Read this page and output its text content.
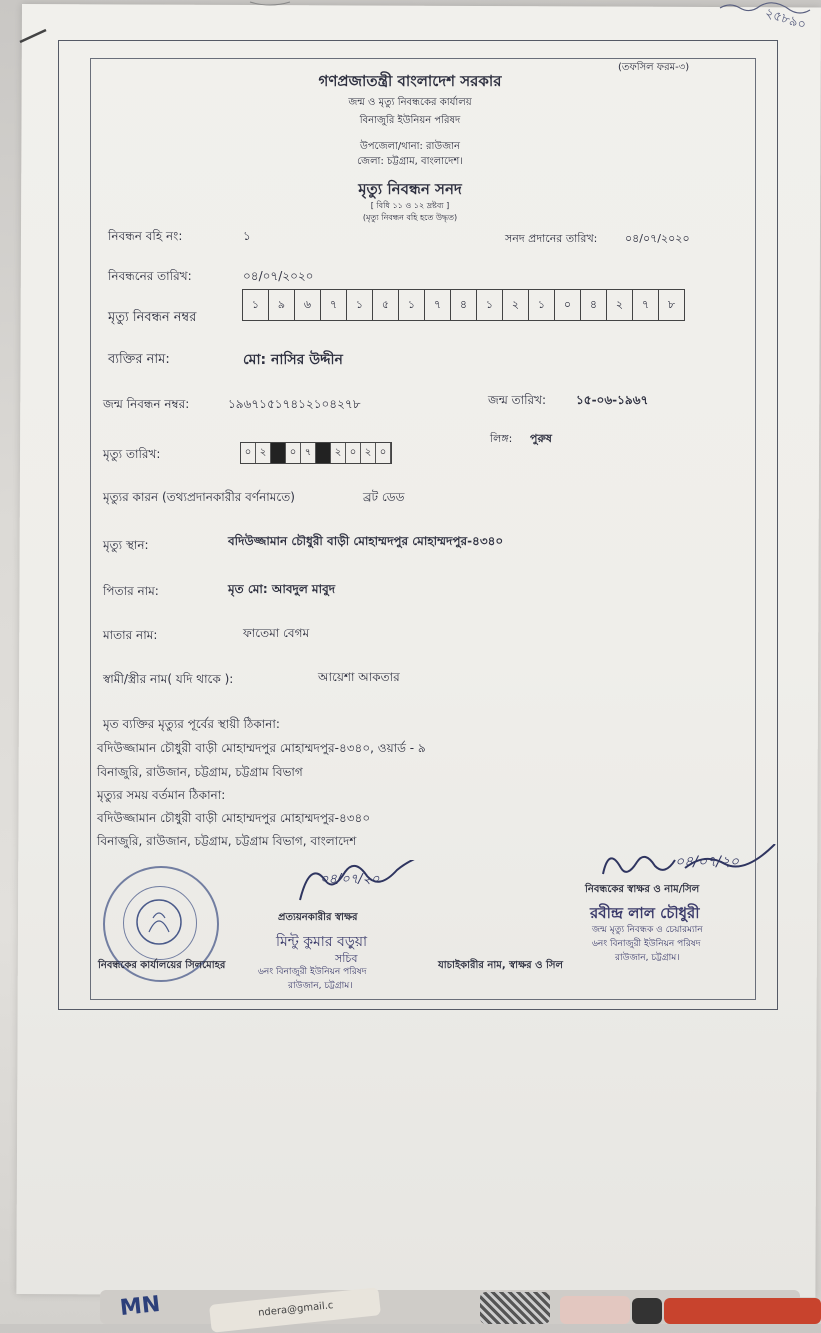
২৫৮৯০
(তফসিল ফরম-৩)
গণপ্রজাতন্ত্রী বাংলাদেশ সরকার
জন্ম ও মৃত্যু নিবন্ধকের কার্যালয়
বিনাজুরি ইউনিয়ন পরিষদ
উপজেলা/থানা: রাউজান
জেলা: চট্টগ্রাম, বাংলাদেশ।
মৃত্যু নিবন্ধন সনদ
[ বিধি ১১ ও ১২ দ্রষ্টব্য ]
(মৃত্যু নিবন্ধন বহি হতে উদ্ধৃত)
নিবন্ধন বহি নং:	১	সনদ প্রদানের তারিখ:	০৪/০৭/২০২০
নিবন্ধনের তারিখ:	০৪/০৭/২০২০
মৃত্যু নিবন্ধন নম্বর
১	৯	৬	৭	১	৫	১	৭	৪	১	২	১	০	৪	২	৭	৮
ব্যক্তির নাম:	মো: নাসির উদ্দীন
জন্ম নিবন্ধন নম্বর:	১৯৬৭১৫১৭৪১২১০৪২৭৮	জন্ম তারিখ: ১৫-০৬-১৯৬৭
লিঙ্গ: পুরুষ
মৃত্যু তারিখ:	০ ২	০ ৭	২ ০ ২ ০
মৃত্যুর কারন (তথ্যপ্রদানকারীর বর্ণনামতে)	ব্রট ডেড
মৃত্যু স্থান:	বদিউজ্জামান চৌধুরী বাড়ী মোহাম্মদপুর মোহাম্মদপুর-৪৩৪০
পিতার নাম:	মৃত মো: আবদুল মাবুদ
মাতার নাম:	ফাতেমা বেগম
স্বামী/স্ত্রীর নাম( যদি থাকে ):	আয়েশা আকতার
মৃত ব্যক্তির মৃত্যুর পূর্বের স্থায়ী ঠিকানা:
বদিউজ্জামান চৌধুরী বাড়ী মোহাম্মদপুর মোহাম্মদপুর-৪৩৪০, ওয়ার্ড - ৯
বিনাজুরি, রাউজান, চট্টগ্রাম, চট্টগ্রাম বিভাগ
মৃত্যুর সময় বর্তমান ঠিকানা:
বদিউজ্জামান চৌধুরী বাড়ী মোহাম্মদপুর মোহাম্মদপুর-৪৩৪০
বিনাজুরি, রাউজান, চট্টগ্রাম, চট্টগ্রাম বিভাগ, বাংলাদেশ
নিবন্ধকের কার্যালয়ের সিলমোহর
০৪/০৭/২০
প্রত্যয়নকারীর স্বাক্ষর
মিন্টু কুমার বড়ুয়া
সচিব
৬নং বিনাজুরী ইউনিয়ন পরিষদ
রাউজান, চট্টগ্রাম।
যাচাইকারীর নাম, স্বাক্ষর ও সিল
০৪/০৭/২০
নিবন্ধকের স্বাক্ষর ও নাম/সিল
রবীন্দ্র লাল চৌধুরী
জন্ম মৃত্যু নিবন্ধক ও চেয়ারম্যান
৬নং বিনাজুরী ইউনিয়ন পরিষদ
রাউজান, চট্টগ্রাম।
MN	ndera@gmail.c
